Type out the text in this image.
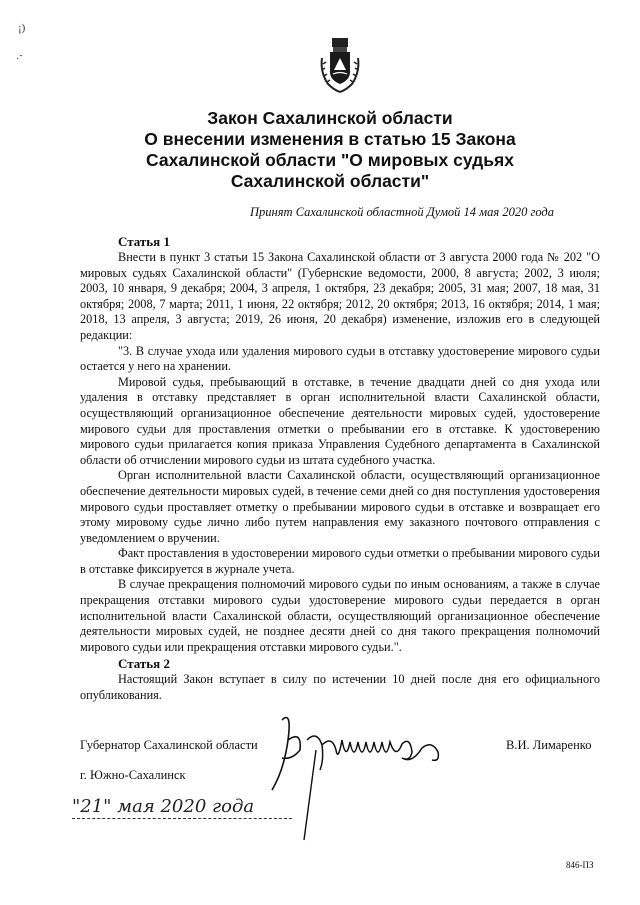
¡)
·˘
Закон Сахалинской области
О внесении изменения в статью 15 Закона
Сахалинской области "О мировых судьях
Сахалинской области"
Принят Сахалинской областной Думой 14 мая 2020 года
Статья 1

Внести в пункт 3 статьи 15 Закона Сахалинской области от 3 августа 2000 года № 202 "О мировых судьях Сахалинской области" (Губернские ведомости, 2000, 8 августа; 2002, 3 июля; 2003, 10 января, 9 декабря; 2004, 3 апреля, 1 октября, 23 декабря; 2005, 31 мая; 2007, 18 мая, 31 октября; 2008, 7 марта; 2011, 1 июня, 22 октября; 2012, 20 октября; 2013, 16 октября; 2014, 1 мая; 2018, 13 апреля, 3 августа; 2019, 26 июня, 20 декабря) изменение, изложив его в следующей редакции:

"3. В случае ухода или удаления мирового судьи в отставку удостоверение мирового судьи остается у него на хранении.

Мировой судья, пребывающий в отставке, в течение двадцати дней со дня ухода или удаления в отставку представляет в орган исполнительной власти Сахалинской области, осуществляющий организационное обеспечение деятельности мировых судей, удостоверение мирового судьи для проставления отметки о пребывании его в отставке. К удостоверению мирового судьи прилагается копия приказа Управления Судебного департамента в Сахалинской области об отчислении мирового судьи из штата судебного участка.

Орган исполнительной власти Сахалинской области, осуществляющий организационное обеспечение деятельности мировых судей, в течение семи дней со дня поступления удостоверения мирового судьи проставляет отметку о пребывании мирового судьи в отставке и возвращает его этому мировому судье лично либо путем направления ему заказного почтового отправления с уведомлением о вручении.

Факт проставления в удостоверении мирового судьи отметки о пребывании мирового судьи в отставке фиксируется в журнале учета.

В случае прекращения полномочий мирового судьи по иным основаниям, а также в случае прекращения отставки мирового судьи удостоверение мирового судьи передается в орган исполнительной власти Сахалинской области, осуществляющий организационное обеспечение деятельности мировых судей, не позднее десяти дней со дня такого прекращения полномочий мирового судьи или прекращения отставки мирового судьи.".

Статья 2

Настоящий Закон вступает в силу по истечении 10 дней после дня его официального опубликования.

Губернатор Сахалинской области	В.И. Лимаренко
г. Южно-Сахалинск
"21" мая 2020 года
846-ПЗ
